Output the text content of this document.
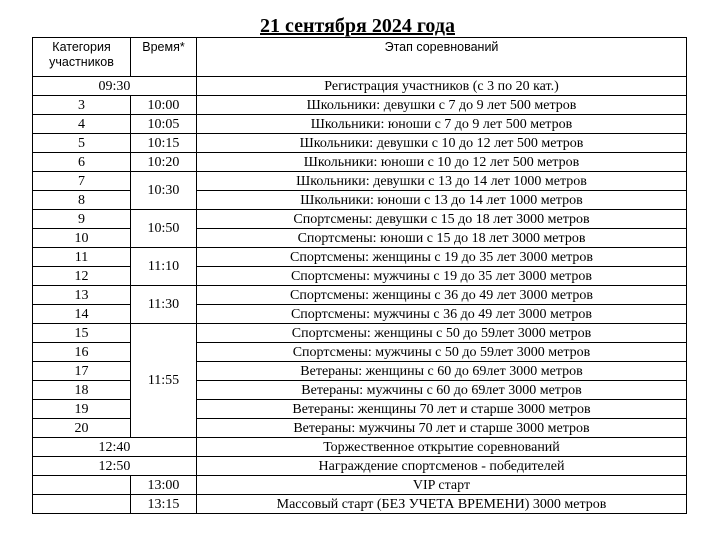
21 сентября 2024 года
Категория
участников	Время*	Этап соревнований
09:30		Регистрация участников (с 3 по 20 кат.)
3	10:00	Школьники: девушки с 7 до 9 лет 500 метров
4	10:05	Школьники: юноши с 7 до 9 лет 500 метров
5	10:15	Школьники: девушки с 10 до 12 лет 500 метров
6	10:20	Школьники: юноши с 10 до 12 лет 500 метров
7	10:30	Школьники: девушки с 13 до 14 лет 1000 метров
8		Школьники: юноши с 13 до 14 лет 1000 метров
9	10:50	Спортсмены: девушки с 15 до 18 лет 3000 метров
10		Спортсмены: юноши с 15 до 18 лет 3000 метров
11	11:10	Спортсмены: женщины с 19 до 35 лет 3000 метров
12		Спортсмены: мужчины с 19 до 35 лет 3000 метров
13	11:30	Спортсмены: женщины с 36 до 49 лет 3000 метров
14		Спортсмены: мужчины с 36 до 49 лет 3000 метров
15	11:55	Спортсмены: женщины с 50 до 59лет 3000 метров
16		Спортсмены: мужчины с 50 до 59лет 3000 метров
17		Ветераны: женщины с 60 до 69лет 3000 метров
18		Ветераны: мужчины с 60 до 69лет 3000 метров
19		Ветераны: женщины 70 лет и старше 3000 метров
20		Ветераны: мужчины 70 лет и старше 3000 метров
12:40		Торжественное открытие соревнований
12:50		Награждение спортсменов - победителей
	13:00	VIP старт
	13:15	Массовый старт (БЕЗ УЧЕТА ВРЕМЕНИ) 3000 метров
